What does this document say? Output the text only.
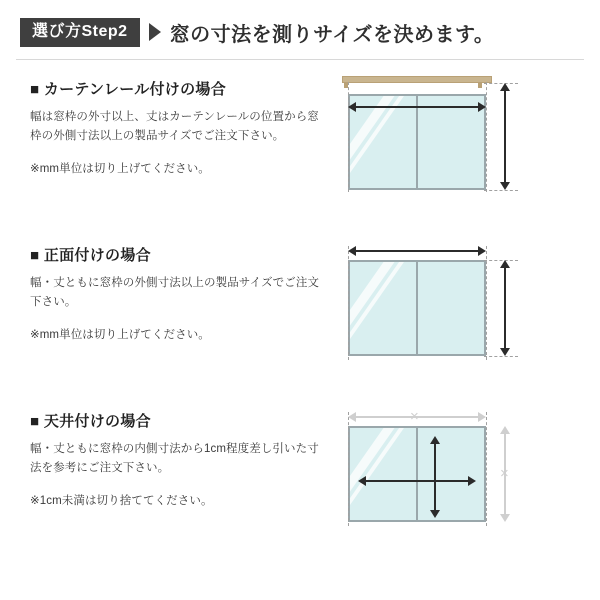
選び方Step2	窓の寸法を測りサイズを決めます。

■ カーテンレール付けの場合

幅は窓枠の外寸以上、丈はカーテンレールの位置から窓枠の外側寸法以上の製品サイズでご注文下さい。

※mm単位は切り上げてください。

■ 正面付けの場合

幅・丈ともに窓枠の外側寸法以上の製品サイズでご注文下さい。

※mm単位は切り上げてください。

■ 天井付けの場合

幅・丈ともに窓枠の内側寸法から1cm程度差し引いた寸法を参考にご注文下さい。

※1cm未満は切り捨ててください。

×
×
